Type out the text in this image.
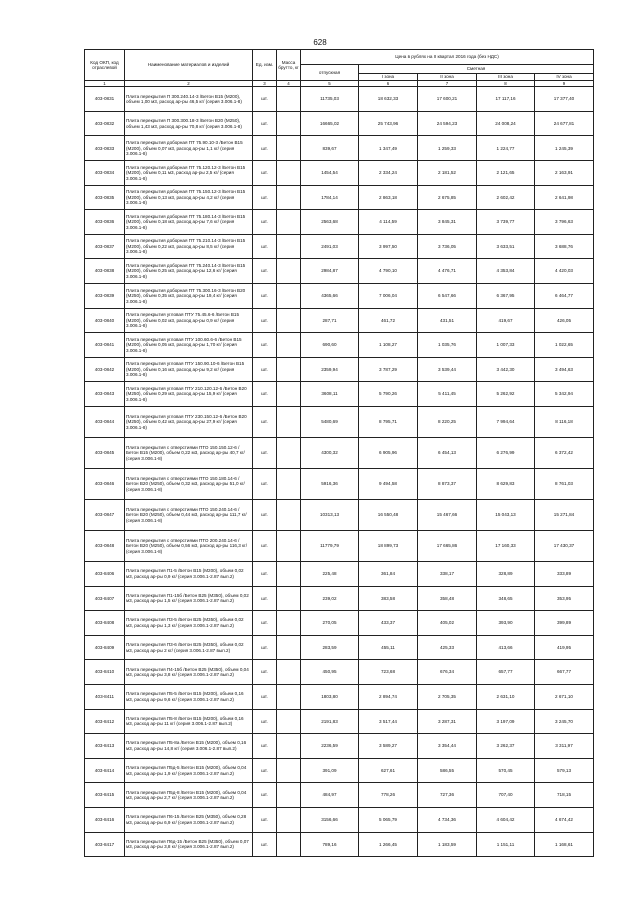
628
Код ОКП, код отраслевой	Наименование материалов и изделий	Ед. изм.	Масса брутто, кг	Цена в рублях на II квартал 2016 года (без НДС)				
				отпускная	Сметная			
					I зона	II зона	III зона	IV зона
1	2	3	4	5	6	7	8	9
403-0831	Плита перекрытия П 300.240.14-3 /Бетон В15 (М200), объем 1,00 м3, расход ар-ры 46,5 кг/ (серия 3.006.1-8)	шт.		11735,03	18 632,33	17 600,21	17 117,16	17 377,40
403-0832	Плита перекрытия П 300.300.18-3 /Бетон В20 (М250), объем 1,43 м3, расход ар-ры 70,8 кг/ (серия 3.006.1-8)	шт.		16665,02	25 743,96	24 594,23	24 008,24	24 677,81
403-0833	Плита перекрытия доборная ПТ 75.90.10-3 /Бетон В15 (М200), объем 0,07 м3, расход ар-ры 1,1 кг/ (серия 3.006.1-8)	шт.		839,67	1 347,49	1 259,33	1 224,77	1 245,39
403-0834	Плита перекрытия доборная ПТ 75.120.12-3 /Бетон В15 (М200), объем 0,11 м3, расход ар-ры 2,5 кг/ (серия 3.006.1-8)	шт.		1454,54	2 334,24	2 181,52	2 121,65	2 163,91
403-0835	Плита перекрытия доборная ПТ 75.150.12-3 /Бетон В15 (М200), объем 0,13 м3, расход ар-ры 4,2 кг/ (серия 3.006.1-8)	шт.		1784,14	2 863,18	2 675,85	2 602,42	2 641,98
403-0836	Плита перекрытия доборная ПТ 75.180.14-3 /Бетон В15 (М200), объем 0,18 м3, расход ар-ры 7,6 кг/ (серия 3.006.1-8)	шт.		2563,68	4 114,59	3 845,31	3 739,77	3 796,63
403-0837	Плита перекрытия доборная ПТ 75.210.14-3 /Бетон В15 (М200), объем 0,22 м3, расход ар-ры 8,5 кг/ (серия 3.006.1-8)	шт.		2491,03	3 997,50	3 736,05	3 633,51	3 688,76
403-0838	Плита перекрытия доборная ПТ 75.240.14-3 /Бетон В15 (М200), объем 0,25 м3, расход ар-ры 12,6 кг/ (серия 3.006.1-8)	шт.		2984,87	4 790,10	4 476,71	4 353,84	4 420,03
403-0839	Плита перекрытия доборная ПТ 75.300.16-3 /Бетон В20 (М250), объем 0,35 м3, расход ар-ры 19,4 кг/ (серия 3.006.1-8)	шт.		4365,66	7 006,04	6 547,66	6 367,95	6 464,77
403-0840	Плита перекрытия угловая ПТУ 75.45.6-6 /Бетон В15 (М200), объем 0,02 м3, расход ар-ры 0,9 кг/ (серия 3.006.1-8)	шт.		287,71	461,72	431,51	419,67	426,05
403-0841	Плита перекрытия угловая ПТУ 100.60.6-6 /Бетон В15 (М200), объем 0,05 м3, расход ар-ры 1,70 кг/ (серия 3.006.1-8)	шт.		690,60	1 108,27	1 035,76	1 007,33	1 022,65
403-0842	Плита перекрытия угловая ПТУ 150.90.10-6 /Бетон В15 (М200), объем 0,16 м3, расход ар-ры 9,2 кг/ (серия 3.006.1-8)	шт.		2359,94	3 787,29	3 539,44	3 442,30	3 494,63
403-0843	Плита перекрытия угловая ПТУ 210.120.12-6 /Бетон В20 (М250), объем 0,29 м3, расход ар-ры 15,9 кг/ (серия 3.006.1-8)	шт.		3608,11	5 790,26	5 411,45	5 262,92	5 342,94
403-0844	Плита перекрытия угловая ПТУ 230.150.12-6 /Бетон В20 (М250), объем 0,42 м3, расход ар-ры 27,9 кг/ (серия 3.006.1-8)	шт.		5480,69	8 795,71	8 220,25	7 994,64	8 116,18
403-0845	Плита перекрытия с отверстиями ПТО 150.150.12-6 /Бетон В15 (М200), объем 0,22 м3, расход ар-ры 40,7 кг/ (серия 3.006.1-8)	шт.		4300,32	6 905,96	6 454,13	6 276,99	6 372,42
403-0846	Плита перекрытия с отверстиями ПТО 150.180.14-6 /Бетон В20 (М250), объем 0,32 м3, расход ар-ры 51,0 кг/ (серия 3.006.1-8)	шт.		5916,36	9 494,58	8 873,37	8 629,83	8 761,03
403-0847	Плита перекрытия с отверстиями ПТО 150.240.14-6 /Бетон В20 (М250), объем 0,44 м3, расход ар-ры 111,7 кг/ (серия 3.006.1-8)	шт.		10313,13	16 550,48	15 467,66	15 043,13	15 271,84
403-0848	Плита перекрытия с отверстиями ПТО 200.240.14-6 /Бетон В20 (М250), объем 0,56 м3, расход ар-ры 116,3 кг/ (серия 3.006.1-8)	шт.		11779,79	18 899,73	17 665,86	17 160,33	17 430,37
403-8406	Плита перекрытия П1-5 /Бетон В15 (М200), объем 0,02 м3, расход ар-ры 0,9 кг/ (серия 3.006.1-2.87 вып.2)	шт.		225,48	361,84	338,17	328,89	333,89
403-8407	Плита перекрытия П1-15б /Бетон В25 (М350), объем 0,02 м3, расход ар-ры 1,5 кг/ (серия 3.006.1-2.87 вып.2)	шт.		239,02	383,58	358,48	348,65	353,95
403-8408	Плита перекрытия П3-5 /Бетон В25 (М350), объем 0,02 м3, расход ар-ры 1,3 кг/ (серия 3.006.1-2.87 вып.2)	шт.		270,05	433,37	405,02	393,90	399,89
403-8409	Плита перекрытия П3-6 /Бетон В25 (М350), объем 0,02 м3, расход ар-ры 2 кг/ (серия 3.006.1-2.87 вып.2)	шт.		283,59	455,11	425,33	413,66	419,95
403-8410	Плита перекрытия П4-15б /Бетон В25 (М350), объем 0,04 м3, расход ар-ры 3,8 кг/ (серия 3.006.1-2.87 вып.2)	шт.		450,95	723,68	676,34	657,77	667,77
403-8411	Плита перекрытия П5-5 /Бетон В15 (М200), объем 0,16 м3, расход ар-ры 9,6 кг/ (серия 3.006.1-2.87 вып.2)	шт.		1803,80	2 894,74	2 705,35	2 631,10	2 671,10
403-8412	Плита перекрытия П5-8 /Бетон В15 (М200), объем 0,16 м3, расход ар-ры 11 кг/ (серия 3.006.1-2.87 вып.2)	шт.		2191,83	3 517,44	3 287,31	3 197,09	3 245,70
403-8413	Плита перекрытия П5-8а /Бетон В15 (М200), объем 0,16 м3, расход ар-ры 14,8 кг/ (серия 3.006.1-2.87 вып.2)	шт.		2236,59	3 589,27	3 354,44	3 262,37	3 311,97
403-8414	Плита перекрытия П5д-5 /Бетон В15 (М200), объем 0,04 м3, расход ар-ры 1,9 кг/ (серия 3.006.1-2.87 вып.2)	шт.		391,09	627,61	586,55	570,45	579,13
403-8415	Плита перекрытия П5д-8 /Бетон В15 (М200), объем 0,04 м3, расход ар-ры 2,7 кг/ (серия 3.006.1-2.87 вып.2)	шт.		484,97	778,26	727,36	707,40	718,15
403-8416	Плита перекрытия П6-15 /Бетон В25 (М350), объем 0,28 м3, расход ар-ры 6,9 кг/ (серия 3.006.1-2.87 вып.2)	шт.		3156,66	5 065,79	4 734,36	4 604,42	4 674,42
403-8417	Плита перекрытия П6д-15 /Бетон В25 (М350), объем 0,07 м3, расход ар-ры 3,8 кг/ (серия 3.006.1-2.87 вып.2)	шт.		789,16	1 266,45	1 183,59	1 151,11	1 168,61
